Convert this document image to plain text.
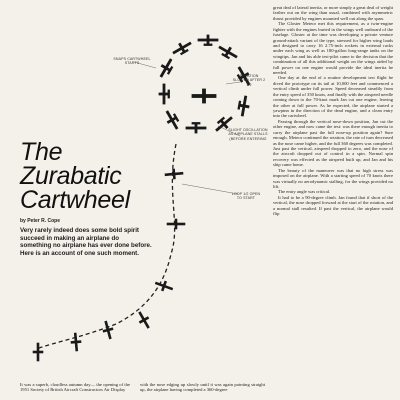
SNAPS CARTWHEEL STARTS
ROTATION SLOWED AFTER 2 1/2
SLIGHT OSCILLATION AS AIRPLANE STALLS (BEFORE ENTERING
LOOP 1/2 OPEN TO START
The
Zurabatic
Cartwheel
by Peter R. Cope
Very rarely indeed does some bold spirit succeed in making an airplane do something no airplane has ever done before. Here is an account of one such moment.

great deal of lateral inertia, or more simply a great deal of weight farther out on the wing than usual, combined with asymmetric thrust provided by engines mounted well out along the span.

The Gloster Meteor met this requirement, as a twin-engine fighter with the engines buried in the wings well outboard of the fuselage. Gloster at the time was developing a private venture ground-attack variant of the type, stressed for higher wing loads and designed to carry 16 2.75-inch rockets in external racks under each wing as well as 180-gallon long-range tanks on the wingtips. Jan and his able test-pilot came to the decision that the combination of all this additional weight on the wings aided by full power on one engine would provide the ideal inertia he needed.

One day at the end of a routine development test flight he dived the prototype on its tail at 10,000 feet and commenced a vertical climb under full power. Speed decreased steadily from the entry speed of 350 knots, and finally with the airspeed needle coming down to the 70-knot mark Jan cut one engine, leaving the other at full power. As he expected, the airplane started a yawpinn in the direction of the dead engine, and a clean entry into the cartwheel.

Passing through the vertical nose-down position, Jan cut the other engine, and now came the test: was there enough inertia to carry the airplane past the full nose-up position again? Sure enough, Meteor continued the rotation, the rate of turn decreased as the nose came higher, and the full 360 degrees was completed. Just past the vertical, airspeed dropped to zero, and the nose of the aircraft dropped out of control in a spin. Normal spin recovery was effected as the airspeed built up, and Jan and his ship came home.

The beauty of the maneuver was that no high stress was imposed on the airplane. With a starting speed of 70 knots there was virtually no aerodynamic stalling, for the wings provided no lift.

The entry angle was critical.

It had to be a 90-degree climb. Jan found that if short of the vertical, the nose dropped forward at the start of the rotation, and a normal stall resulted. If past the vertical, the airplane would flip

It was a superb, cloudless autumn day— the opening of the 1951 Society of British Aircraft Constructors Air Display

with the nose edging up slowly until it was again pointing straight up, the airplane having completed a 360-degree
